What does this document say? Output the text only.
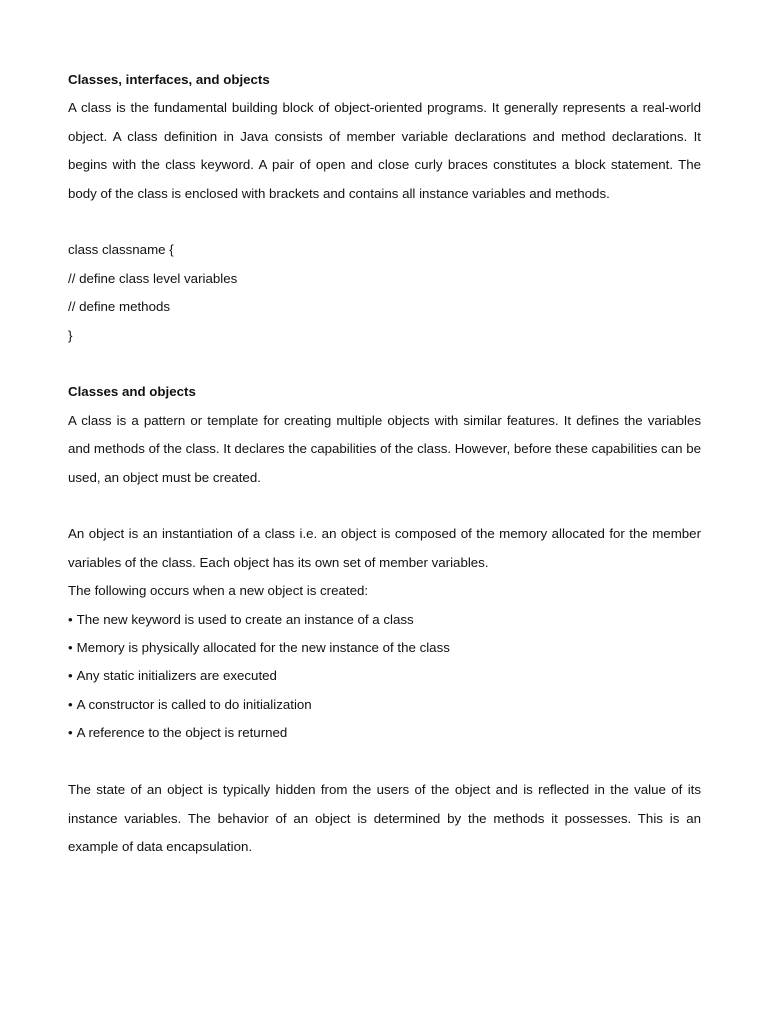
Classes, interfaces, and objects

A class is the fundamental building block of object-oriented programs. It generally represents a real-world object. A class definition in Java consists of member variable declarations and method declarations. It begins with the class keyword. A pair of open and close curly braces constitutes a block statement. The body of the class is enclosed with brackets and contains all instance variables and methods.

class classname {

// define class level variables

// define methods

}

Classes and objects

A class is a pattern or template for creating multiple objects with similar features. It defines the variables and methods of the class. It declares the capabilities of the class. However, before these capabilities can be used, an object must be created.

An object is an instantiation of a class i.e. an object is composed of the memory allocated for the member variables of the class. Each object has its own set of member variables.

The following occurs when a new object is created:

• The new keyword is used to create an instance of a class
• Memory is physically allocated for the new instance of the class
• Any static initializers are executed
• A constructor is called to do initialization
• A reference to the object is returned

The state of an object is typically hidden from the users of the object and is reflected in the value of its instance variables. The behavior of an object is determined by the methods it possesses. This is an example of data encapsulation.
